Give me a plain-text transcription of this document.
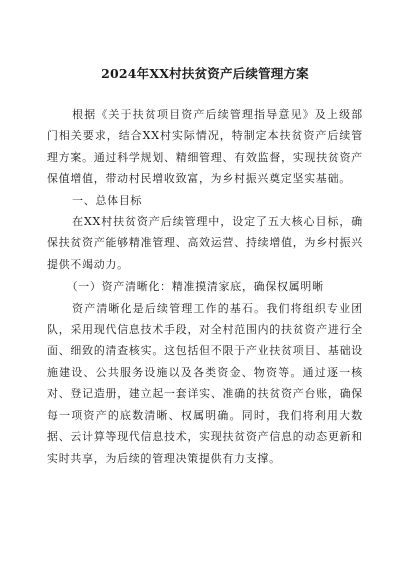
2024年XX村扶贫资产后续管理方案

根据《关于扶贫项目资产后续管理指导意见》及上级部门相关要求，结合XX村实际情况，特制定本扶贫资产后续管理方案。通过科学规划、精细管理、有效监督，实现扶贫资产保值增值，带动村民增收致富，为乡村振兴奠定坚实基础。

一、总体目标

在XX村扶贫资产后续管理中，设定了五大核心目标，确保扶贫资产能够精准管理、高效运营、持续增值，为乡村振兴提供不竭动力。

（一）资产清晰化：精准摸清家底，确保权属明晰

资产清晰化是后续管理工作的基石。我们将组织专业团队，采用现代信息技术手段，对全村范围内的扶贫资产进行全面、细致的清查核实。这包括但不限于产业扶贫项目、基础设施建设、公共服务设施以及各类资金、物资等。通过逐一核对、登记造册，建立起一套详实、准确的扶贫资产台账，确保每一项资产的底数清晰、权属明确。同时，我们将利用大数据、云计算等现代信息技术，实现扶贫资产信息的动态更新和实时共享，为后续的管理决策提供有力支撑。
